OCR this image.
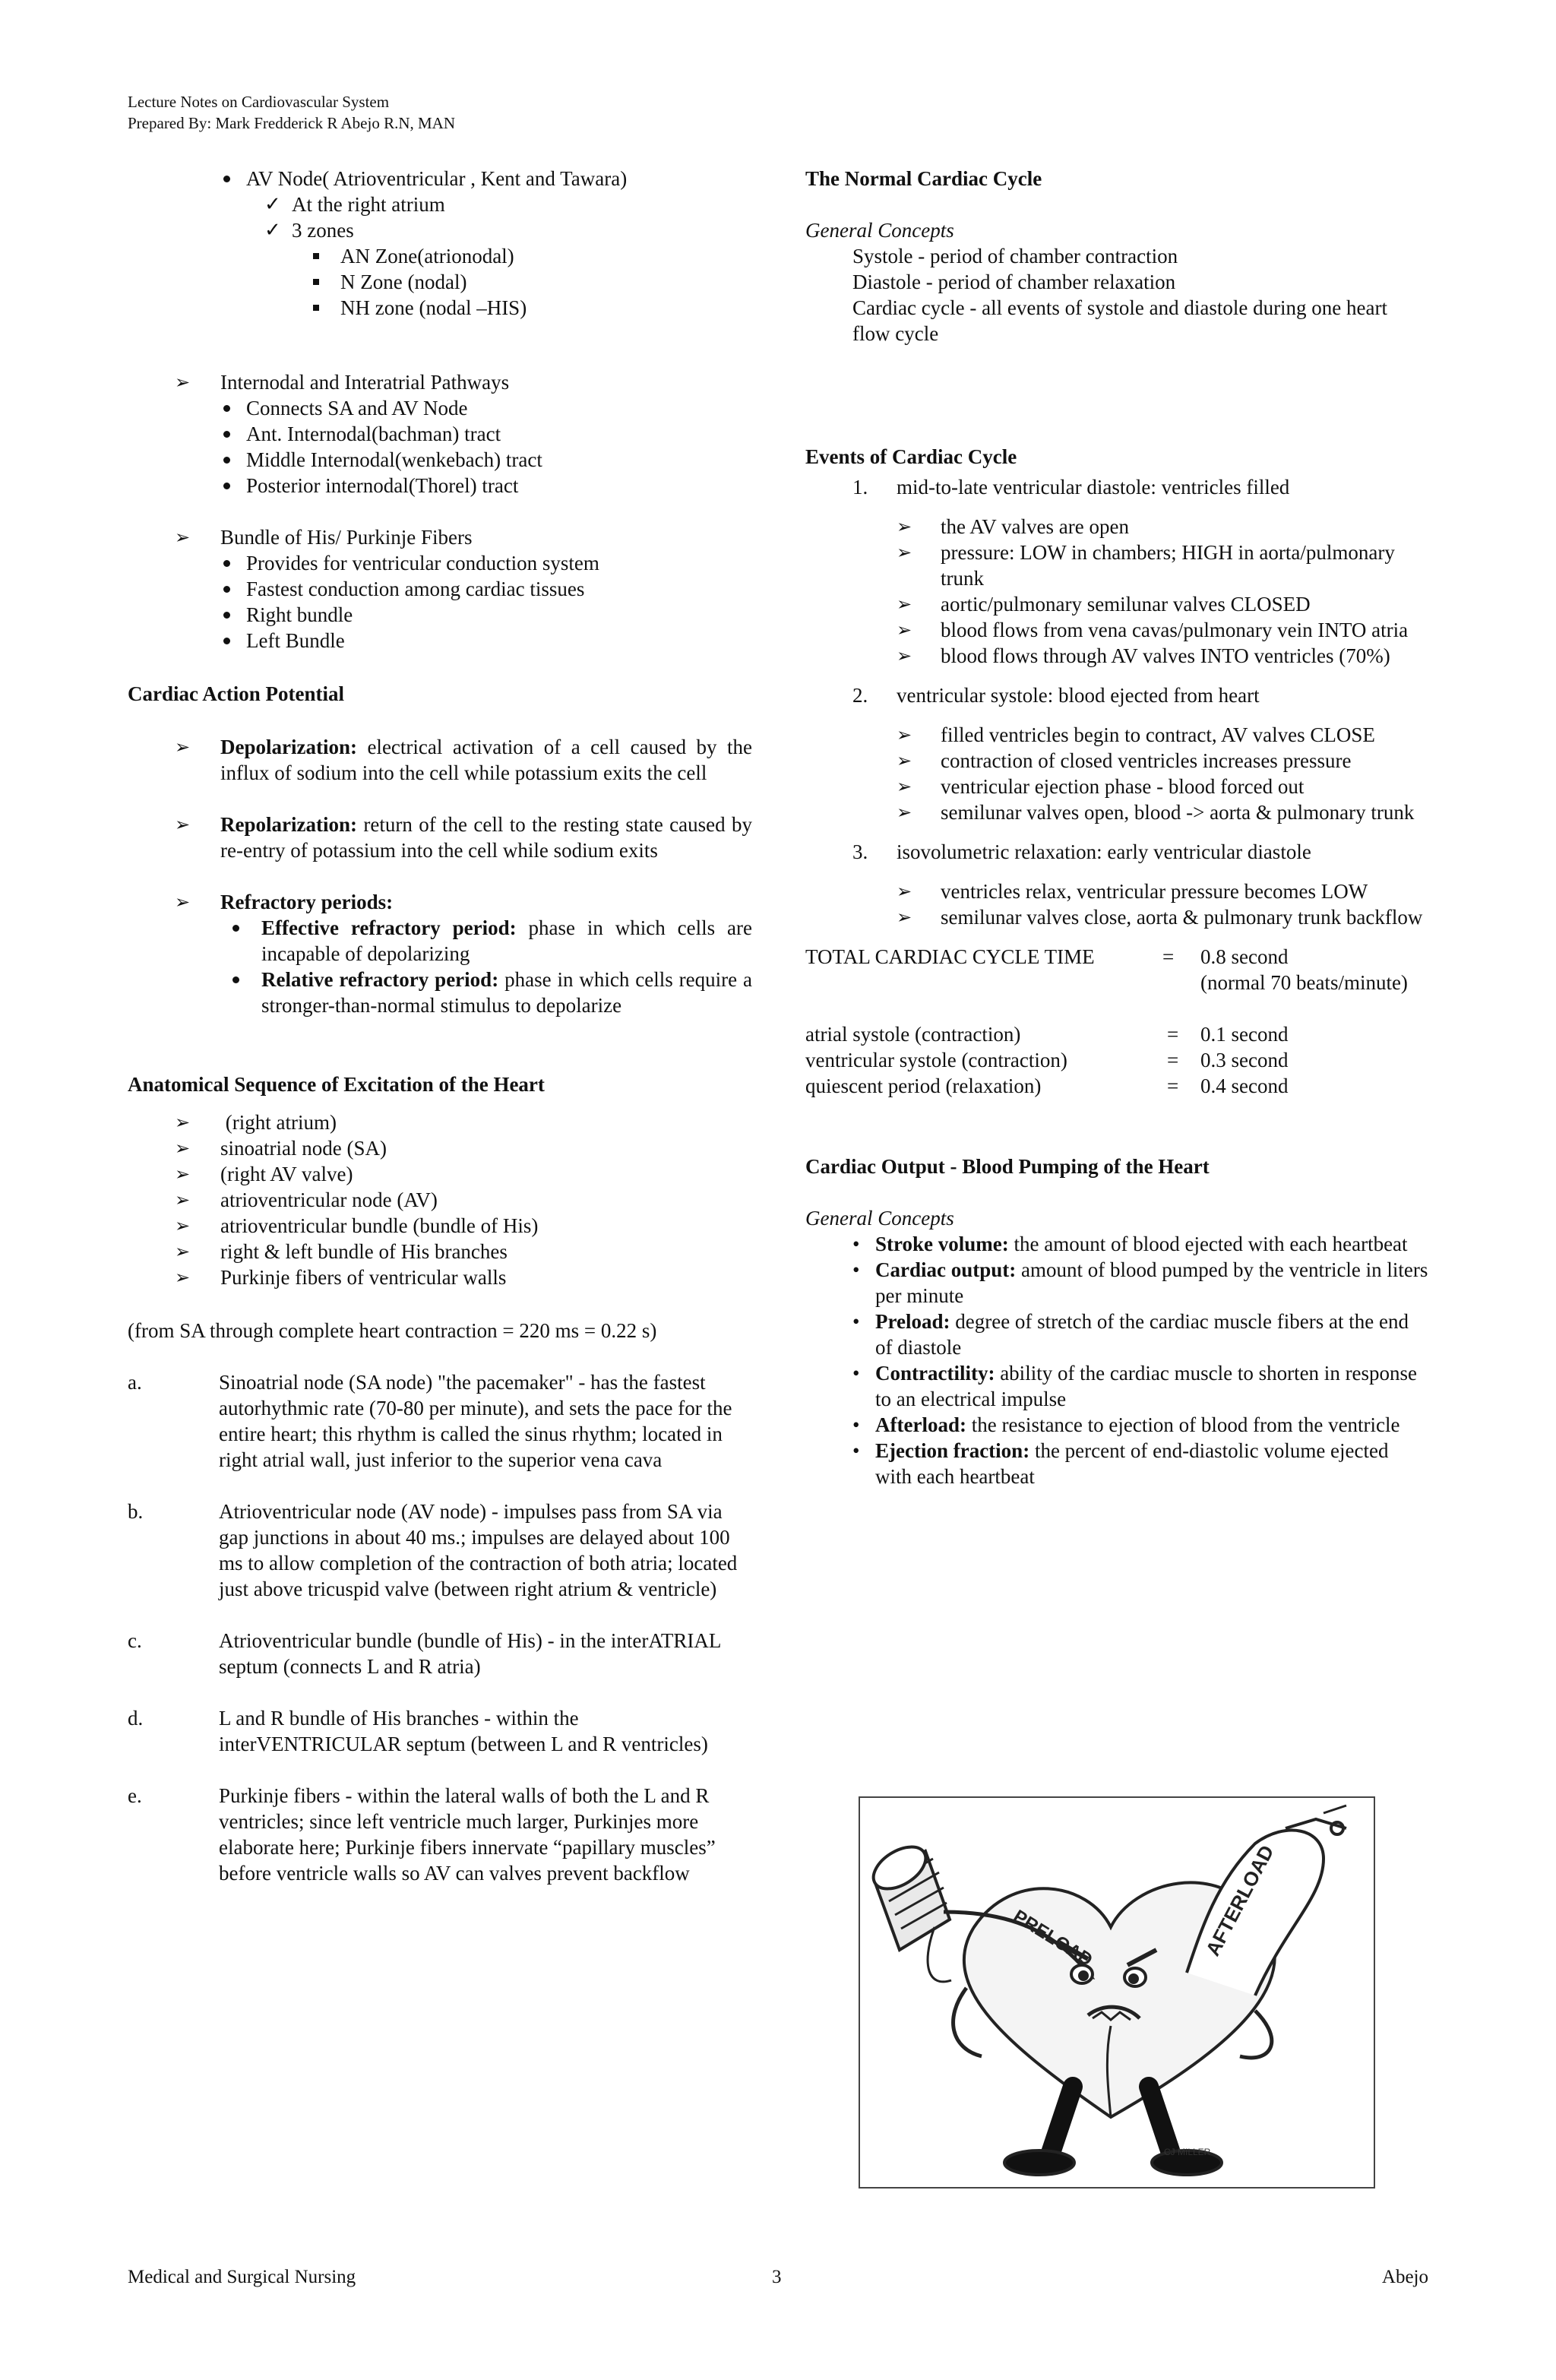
Lecture Notes on Cardiovascular System
Prepared By: Mark Fredderick R Abejo R.N, MAN
AV Node( Atrioventricular , Kent and Tawara)
✓ At the right atrium
✓ 3 zones
AN Zone(atrionodal)
N Zone (nodal)
NH zone (nodal –HIS)
➢	Internodal and Interatrial Pathways
Connects SA and AV Node
Ant. Internodal(bachman) tract
Middle Internodal(wenkebach) tract
Posterior internodal(Thorel) tract
➢	Bundle of His/ Purkinje Fibers
Provides for ventricular conduction system
Fastest conduction among cardiac tissues
Right bundle
Left Bundle
Cardiac Action Potential
➢	Depolarization: electrical activation of a cell caused by the influx of sodium into the cell while potassium exits the cell
➢	Repolarization: return of the cell to the resting state caused by re-entry of potassium into the cell while sodium exits
➢	Refractory periods:
Effective refractory period: phase in which cells are incapable of depolarizing
Relative refractory period: phase in which cells require a stronger-than-normal stimulus to depolarize
Anatomical Sequence of Excitation of the Heart
➢	(right atrium)
➢	sinoatrial node (SA)
➢	(right AV valve)
➢	atrioventricular node (AV)
➢	atrioventricular bundle (bundle of His)
➢	right & left bundle of His branches
➢	Purkinje fibers of ventricular walls
(from SA through complete heart contraction = 220 ms = 0.22 s)
a.	Sinoatrial node (SA node) "the pacemaker" - has the fastest autorhythmic rate (70-80 per minute), and sets the pace for the entire heart; this rhythm is called the sinus rhythm; located in right atrial wall, just inferior to the superior vena cava
b.	Atrioventricular node (AV node) - impulses pass from SA via gap junctions in about 40 ms.; impulses are delayed about 100 ms to allow completion of the contraction of both atria; located just above tricuspid valve (between right atrium & ventricle)
c.	Atrioventricular bundle (bundle of His) - in the interATRIAL septum (connects L and R atria)
d.	L and R bundle of His branches - within the interVENTRICULAR septum (between L and R ventricles)
e.	Purkinje fibers - within the lateral walls of both the L and R ventricles; since left ventricle much larger, Purkinjes more elaborate here; Purkinje fibers innervate “papillary muscles” before ventricle walls so AV can valves prevent backflow
The Normal Cardiac Cycle
General Concepts
Systole - period of chamber contraction
Diastole - period of chamber relaxation
Cardiac cycle - all events of systole and diastole during one heart flow cycle
Events of Cardiac Cycle
1.	mid-to-late ventricular diastole: ventricles filled
➢	the AV valves are open
➢	pressure: LOW in chambers; HIGH in aorta/pulmonary trunk
➢	aortic/pulmonary semilunar valves CLOSED
➢	blood flows from vena cavas/pulmonary vein INTO atria
➢	blood flows through AV valves INTO ventricles (70%)
2.	ventricular systole: blood ejected from heart
➢	filled ventricles begin to contract, AV valves CLOSE
➢	contraction of closed ventricles increases pressure
➢	ventricular ejection phase - blood forced out
➢	semilunar valves open, blood -> aorta & pulmonary trunk
3.	isovolumetric relaxation: early ventricular diastole
➢	ventricles relax, ventricular pressure becomes LOW
➢	semilunar valves close, aorta & pulmonary trunk backflow
TOTAL CARDIAC CYCLE TIME	=	0.8 second
(normal 70 beats/minute)
atrial systole (contraction)	=	0.1 second
ventricular systole (contraction)	=	0.3 second
quiescent period (relaxation)	=	0.4 second
Cardiac Output - Blood Pumping of the Heart
General Concepts
• Stroke volume: the amount of blood ejected with each heartbeat
• Cardiac output: amount of blood pumped by the ventricle in liters per minute
• Preload: degree of stretch of the cardiac muscle fibers at the end of diastole
• Contractility: ability of the cardiac muscle to shorten in response to an electrical impulse
• Afterload: the resistance to ejection of blood from the ventricle
• Ejection fraction: the percent of end-diastolic volume ejected with each heartbeat
PRELOAD	AFTERLOAD
CJ MILLER
Medical and Surgical Nursing	3	Abejo
